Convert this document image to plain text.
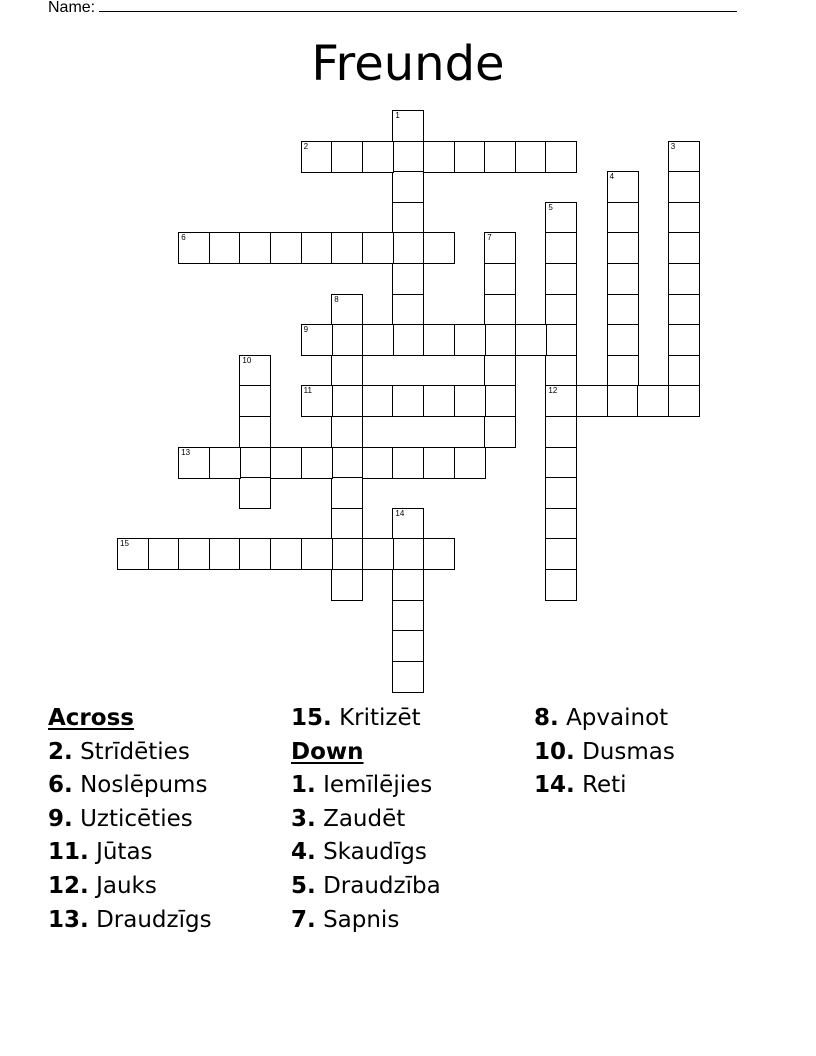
Name:
Freunde
1
2	3
4
5
12
6	7
8
9
10
11
13
14
15
Across
2. Strīdēties
6. Noslēpums
9. Uzticēties
11. Jūtas
12. Jauks
13. Draudzīgs
15. Kritizēt
Down
1. Iemīlējies
3. Zaudēt
4. Skaudīgs
5. Draudzība
7. Sapnis
8. Apvainot
10. Dusmas
14. Reti
